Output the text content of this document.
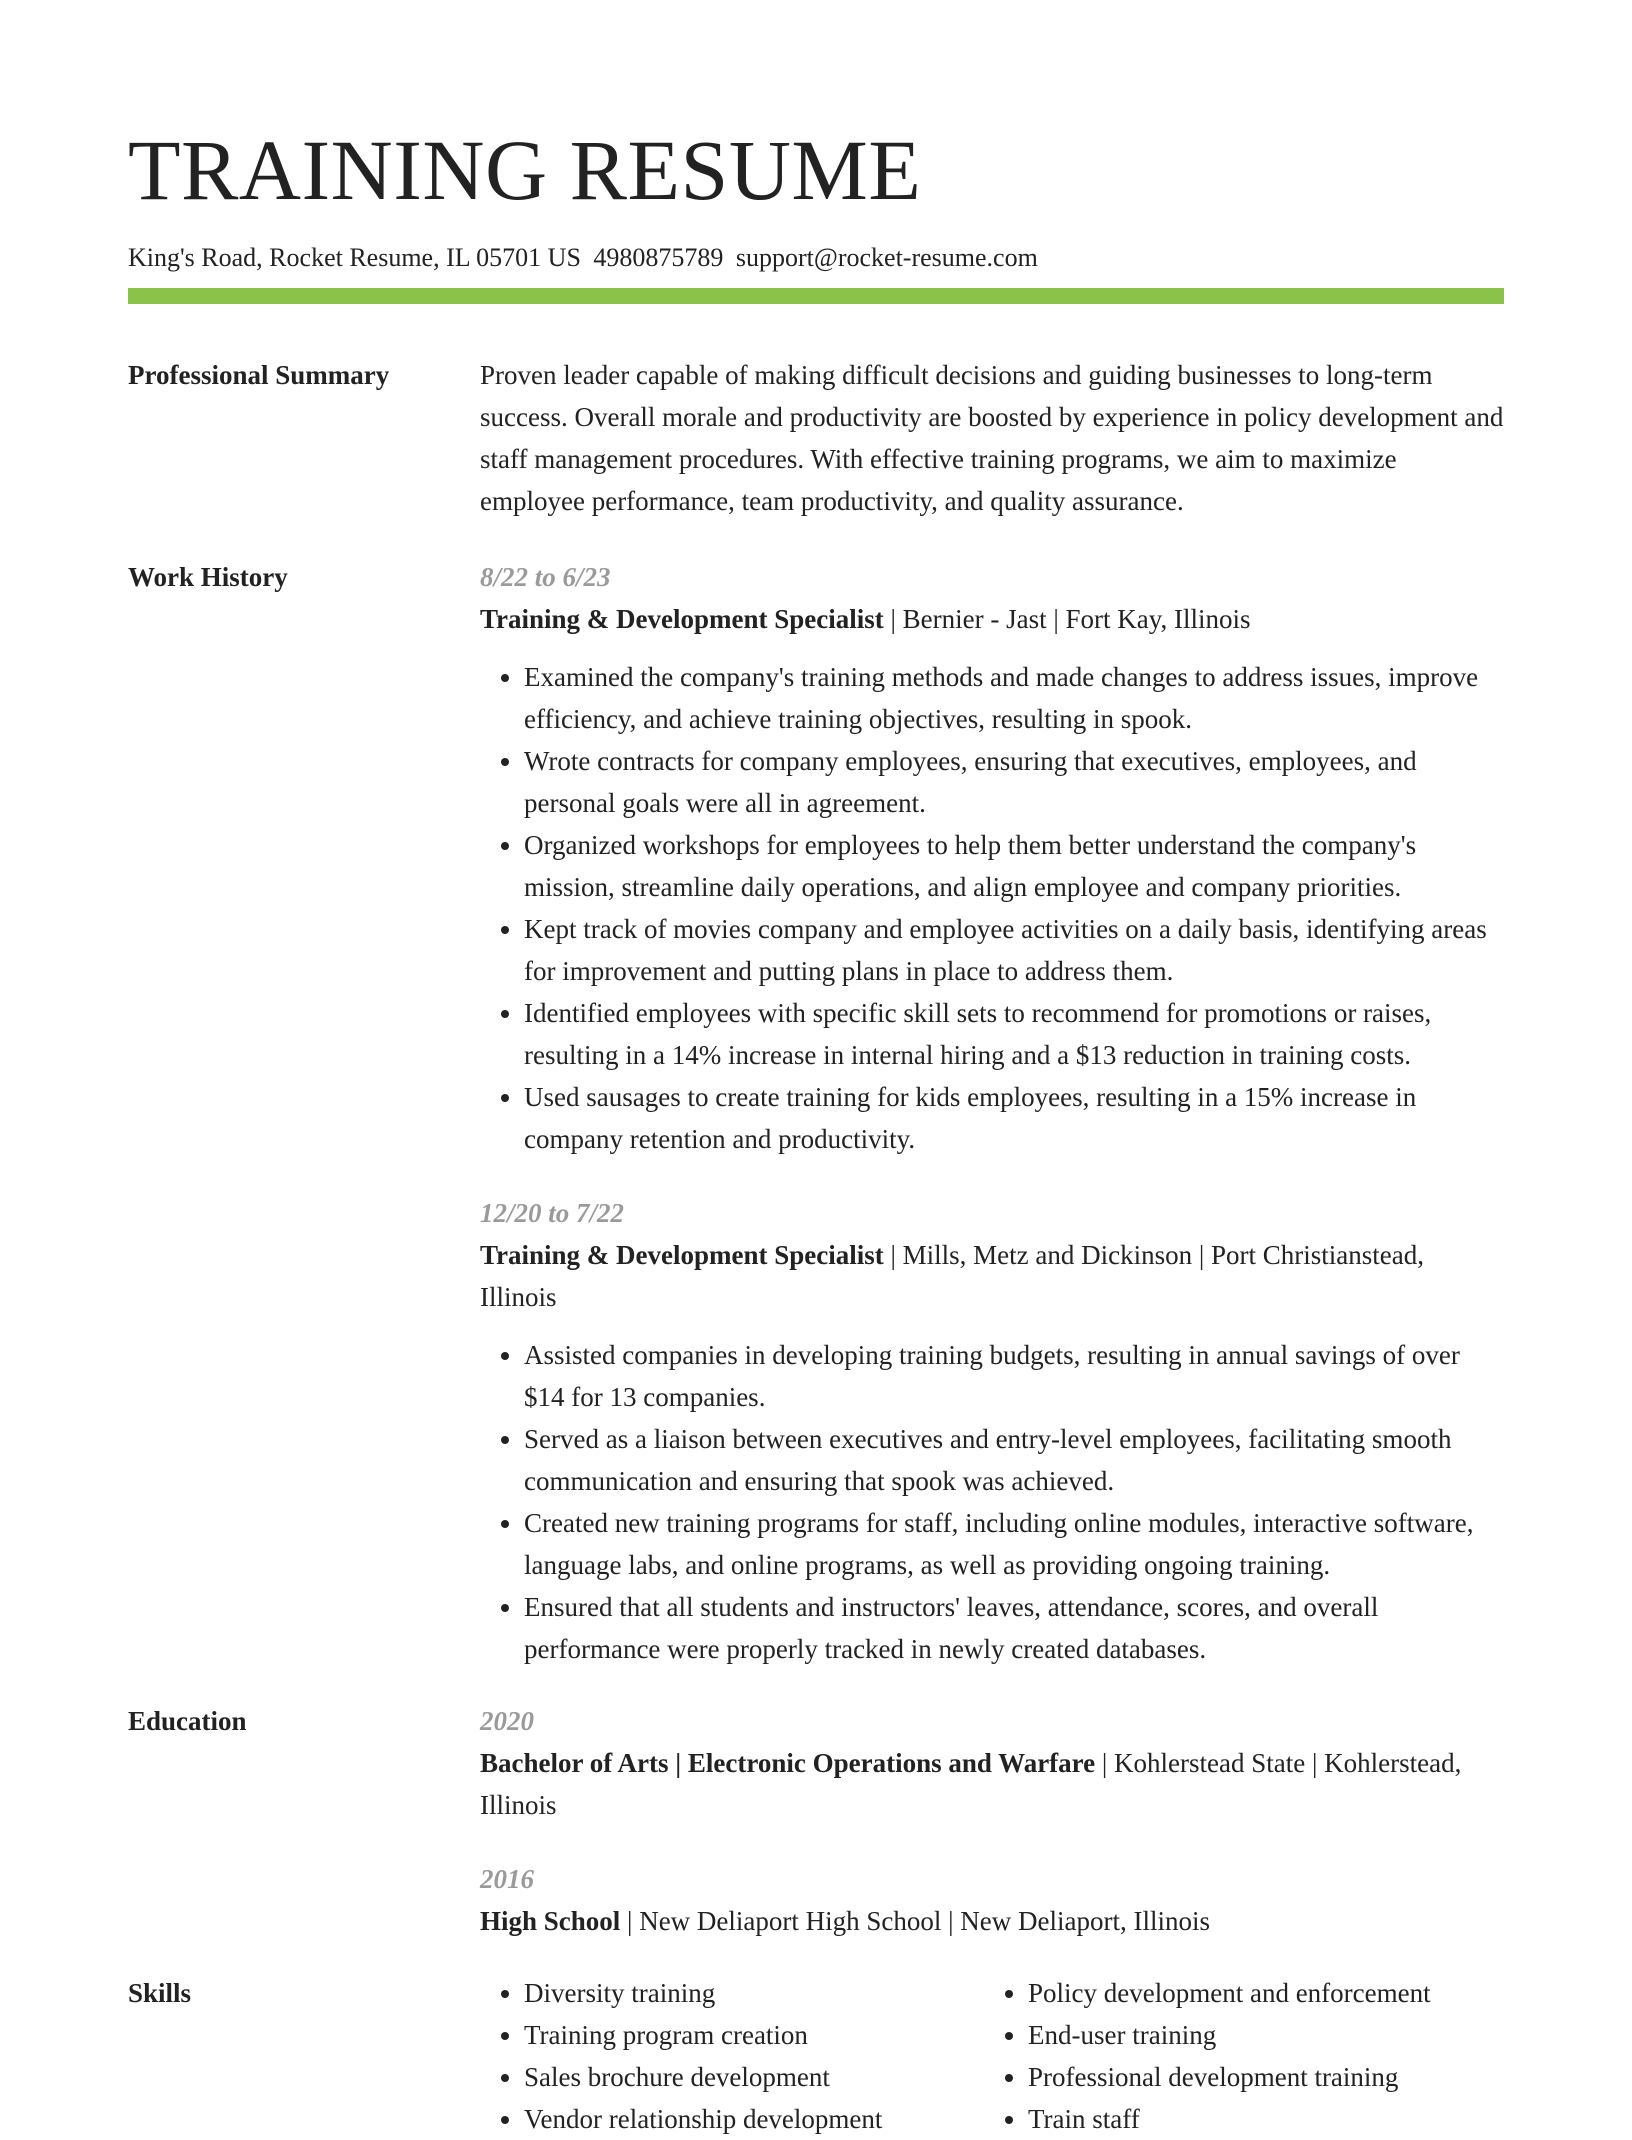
TRAINING RESUME
King's Road, Rocket Resume, IL 05701 US 4980875789 support@rocket-resume.com
Professional Summary	Proven leader capable of making difficult decisions and guiding businesses to long-term success. Overall morale and productivity are boosted by experience in policy development and staff management procedures. With effective training programs, we aim to maximize employee performance, team productivity, and quality assurance.
Work History	8/22 to 6/23
Training & Development Specialist | Bernier - Jast | Fort Kay, Illinois
• Examined the company's training methods and made changes to address issues, improve efficiency, and achieve training objectives, resulting in spook.
• Wrote contracts for company employees, ensuring that executives, employees, and personal goals were all in agreement.
• Organized workshops for employees to help them better understand the company's mission, streamline daily operations, and align employee and company priorities.
• Kept track of movies company and employee activities on a daily basis, identifying areas for improvement and putting plans in place to address them.
• Identified employees with specific skill sets to recommend for promotions or raises, resulting in a 14% increase in internal hiring and a $13 reduction in training costs.
• Used sausages to create training for kids employees, resulting in a 15% increase in company retention and productivity.
12/20 to 7/22
Training & Development Specialist | Mills, Metz and Dickinson | Port Christianstead, Illinois
• Assisted companies in developing training budgets, resulting in annual savings of over $14 for 13 companies.
• Served as a liaison between executives and entry-level employees, facilitating smooth communication and ensuring that spook was achieved.
• Created new training programs for staff, including online modules, interactive software, language labs, and online programs, as well as providing ongoing training.
• Ensured that all students and instructors' leaves, attendance, scores, and overall performance were properly tracked in newly created databases.
Education	2020
Bachelor of Arts | Electronic Operations and Warfare | Kohlerstead State | Kohlerstead, Illinois
2016
High School | New Deliaport High School | New Deliaport, Illinois
Skills
•	Diversity training
• Training program creation
• Sales brochure development
• Vendor relationship development
• Policy development and enforcement
• End-user training
• Professional development training
• Train staff
